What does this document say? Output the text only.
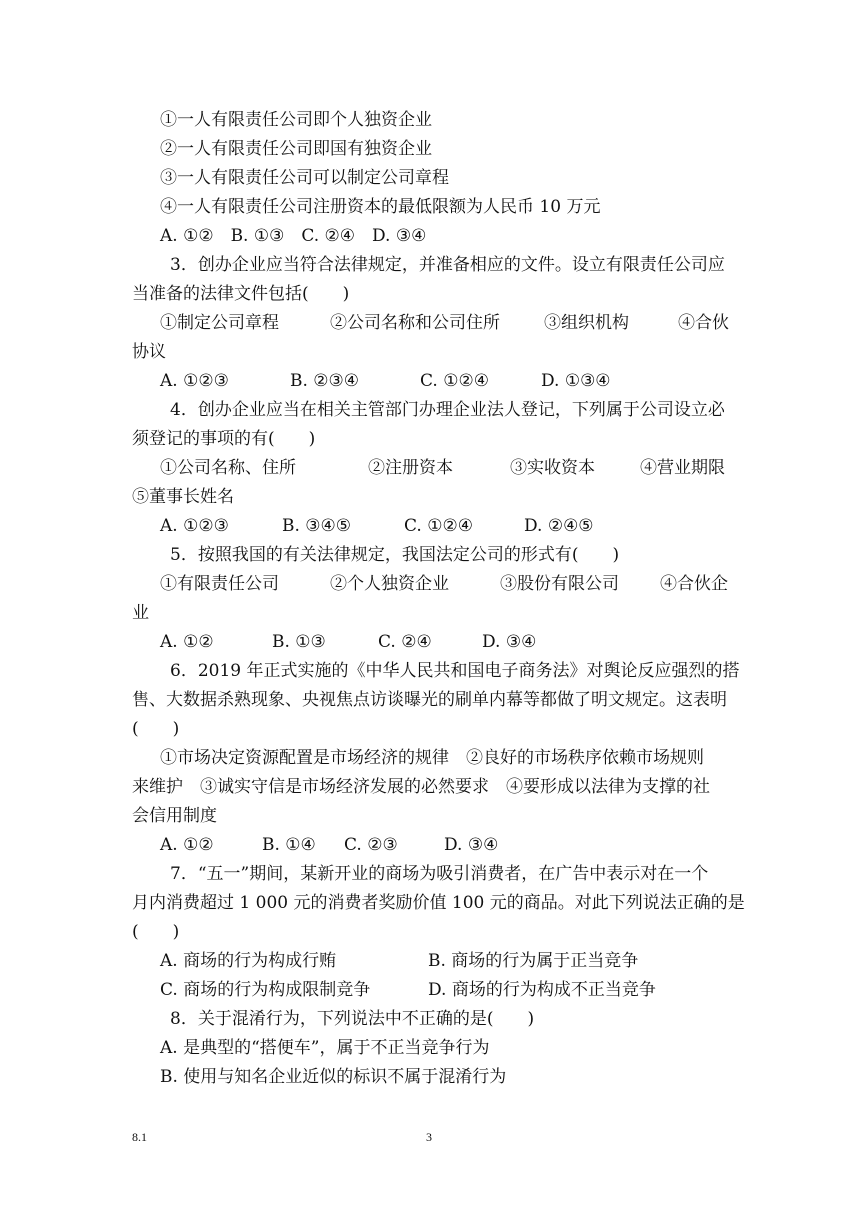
①一人有限责任公司即个人独资企业
②一人有限责任公司即国有独资企业
③一人有限责任公司可以制定公司章程
④一人有限责任公司注册资本的最低限额为人民币 10 万元
A. ①②　B. ①③　C. ②④　D. ③④
3．创办企业应当符合法律规定，并准备相应的文件。设立有限责任公司应
当准备的法律文件包括(　　)

①制定公司章程

	②公司名称和公司住所

	③组织机构

	④合伙

协议

A. ①②③

	B. ②③④

	C. ①②④

	D. ①③④

4．创办企业应当在相关主管部门办理企业法人登记，下列属于公司设立必
须登记的事项的有(　　)

①公司名称、住所

	②注册资本

	③实收资本

	④营业期限

⑤董事长姓名

A. ①②③

	B. ③④⑤

	C. ①②④

	D. ②④⑤

5．按照我国的有关法律规定，我国法定公司的形式有(　　)

①有限责任公司

	②个人独资企业

	③股份有限公司

④合伙企

业

A. ①②

	B. ①③

	C. ②④

	D. ③④

6．2019 年正式实施的《中华人民共和国电子商务法》对舆论反应强烈的搭
售、大数据杀熟现象、央视焦点访谈曝光的刷单内幕等都做了明文规定。这表明
(　　)
①市场决定资源配置是市场经济的规律　②良好的市场秩序依赖市场规则
来维护　③诚实守信是市场经济发展的必然要求　④要形成以法律为支撑的社
会信用制度

A. ①②

	B. ①④

C. ②③

	D. ③④

7．“五一”期间，某新开业的商场为吸引消费者，在广告中表示对在一个
月内消费超过 1 000 元的消费者奖励价值 100 元的商品。对此下列说法正确的是
(　　)

A. 商场的行为构成行贿

	B. 商场的行为属于正当竞争

C. 商场的行为构成限制竞争

	D. 商场的行为构成不正当竞争

8．关于混淆行为，下列说法中不正确的是(　　)
A. 是典型的“搭便车”，属于不正当竞争行为
B. 使用与知名企业近似的标识不属于混淆行为
8.1	3
